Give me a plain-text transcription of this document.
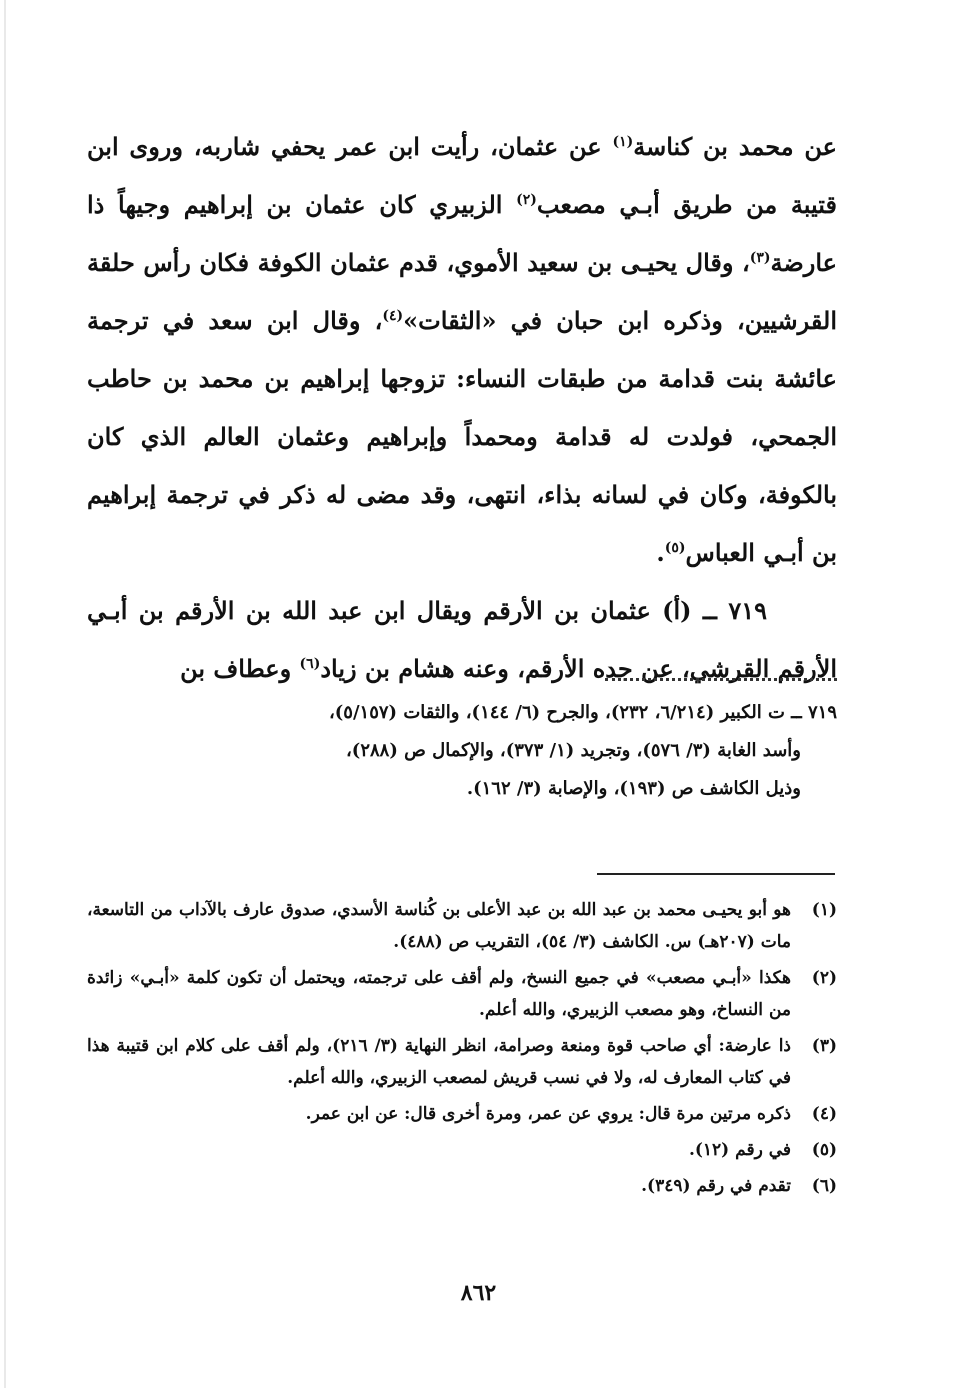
عن محمد بن كناسة$^{(١)}$ عن عثمان، رأيت ابن عمر يحفي شاربه، وروى ابن قتيبة من طريق أبـي مصعب$^{(٢)}$ الزبيري كان عثمان بن إبراهيم وجيهاً ذا عارضة$^{(٣)}$، وقال يحيـى بن سعيد الأموي، قدم عثمان الكوفة فكان رأس حلقة القرشيين، وذكره ابن حبان في «الثقات»$^{(٤)}$، وقال ابن سعد في ترجمة عائشة بنت قدامة من طبقات النساء: تزوجها إبراهيم بن محمد بن حاطب الجمحي، فولدت له قدامة ومحمداً وإبراهيم وعثمان العالم الذي كان بالكوفة، وكان في لسانه بذاء، انتهى، وقد مضى له ذكر في ترجمة إبراهيم بن أبـي العباس$^{(٥)}$.

٧١٩ ــ (أ) عثمان بن الأرقم ويقال ابن عبد الله بن الأرقم بن أبـي الأرقم القرشي، عن جده الأرقم، وعنه هشام بن زياد$^{(٦)}$ وعطاف بن

٧١٩ ــ ت الكبير (٦/٢١٤، ٢٣٢)، والجرح (٦/ ١٤٤)، والثقات (٥/١٥٧)،

وأسد الغابة (٣/ ٥٧٦)، وتجريد (١/ ٣٧٣)، والإكمال ص (٢٨٨)،

وذيل الكاشف ص (١٩٣)، والإصابة (٣/ ١٦٢).

(١)
هو أبو يحيـى محمد بن عبد الله بن عبد الأعلى بن كُناسة الأسدي، صدوق عارف بالآداب من التاسعة، مات (٢٠٧هـ) س. الكاشف (٣/ ٥٤)، التقريب ص (٤٨٨).
(٢)
هكذا «أبـي مصعب» في جميع النسخ، ولم أقف على ترجمته، ويحتمل أن تكون كلمة «أبـي» زائدة من النساخ، وهو مصعب الزبيري، والله أعلم.
(٣)
ذا عارضة: أي صاحب قوة ومنعة وصرامة، انظر النهاية (٣/ ٢١٦)، ولم أقف على كلام ابن قتيبة هذا في كتاب المعارف له، ولا في نسب قريش لمصعب الزبيري، والله أعلم.
(٤)
ذكره مرتين مرة قال: يروي عن عمر، ومرة أخرى قال: عن ابن عمر.
(٥)
في رقم (١٢).
(٦)
تقدم في رقم (٣٤٩).
٨٦٢
